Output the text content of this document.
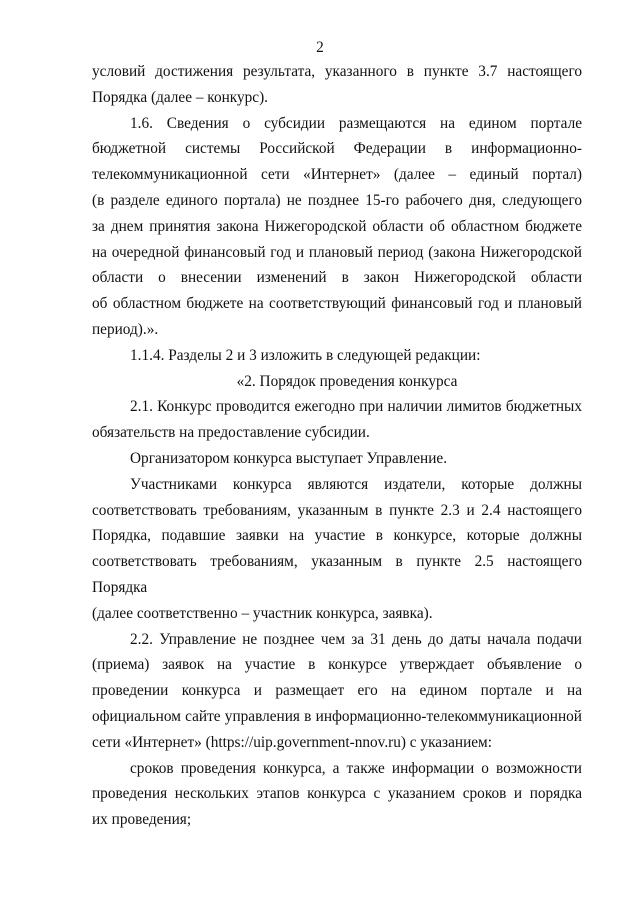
2

условий достижения результата, указанного в пункте 3.7 настоящего

Порядка (далее – конкурс).

1.6. Сведения о субсидии размещаются на едином портале

бюджетной системы Российской Федерации в информационно-

телекоммуникационной сети «Интернет» (далее – единый портал)

(в разделе единого портала) не позднее 15-го рабочего дня, следующего

за днем принятия закона Нижегородской области об областном бюджете

на очередной финансовый год и плановый период (закона Нижегородской

области о внесении изменений в закон Нижегородской области

об областном бюджете на соответствующий финансовый год и плановый

период).».

1.1.4. Разделы 2 и 3 изложить в следующей редакции:

«2. Порядок проведения конкурса

2.1. Конкурс проводится ежегодно при наличии лимитов бюджетных

обязательств на предоставление субсидии.

Организатором конкурса выступает Управление.

Участниками конкурса являются издатели, которые должны

соответствовать требованиям, указанным в пункте 2.3 и 2.4 настоящего

Порядка, подавшие заявки на участие в конкурсе, которые должны

соответствовать требованиям, указанным в пункте 2.5 настоящего Порядка

(далее соответственно – участник конкурса, заявка).

2.2. Управление не позднее чем за 31 день до даты начала подачи

(приема) заявок на участие в конкурсе утверждает объявление о

проведении конкурса и размещает его на едином портале и на

официальном сайте управления в информационно-телекоммуникационной

сети «Интернет» (https://uip.government-nnov.ru) с указанием:

сроков проведения конкурса, а также информации о возможности

проведения нескольких этапов конкурса с указанием сроков и порядка

их проведения;
